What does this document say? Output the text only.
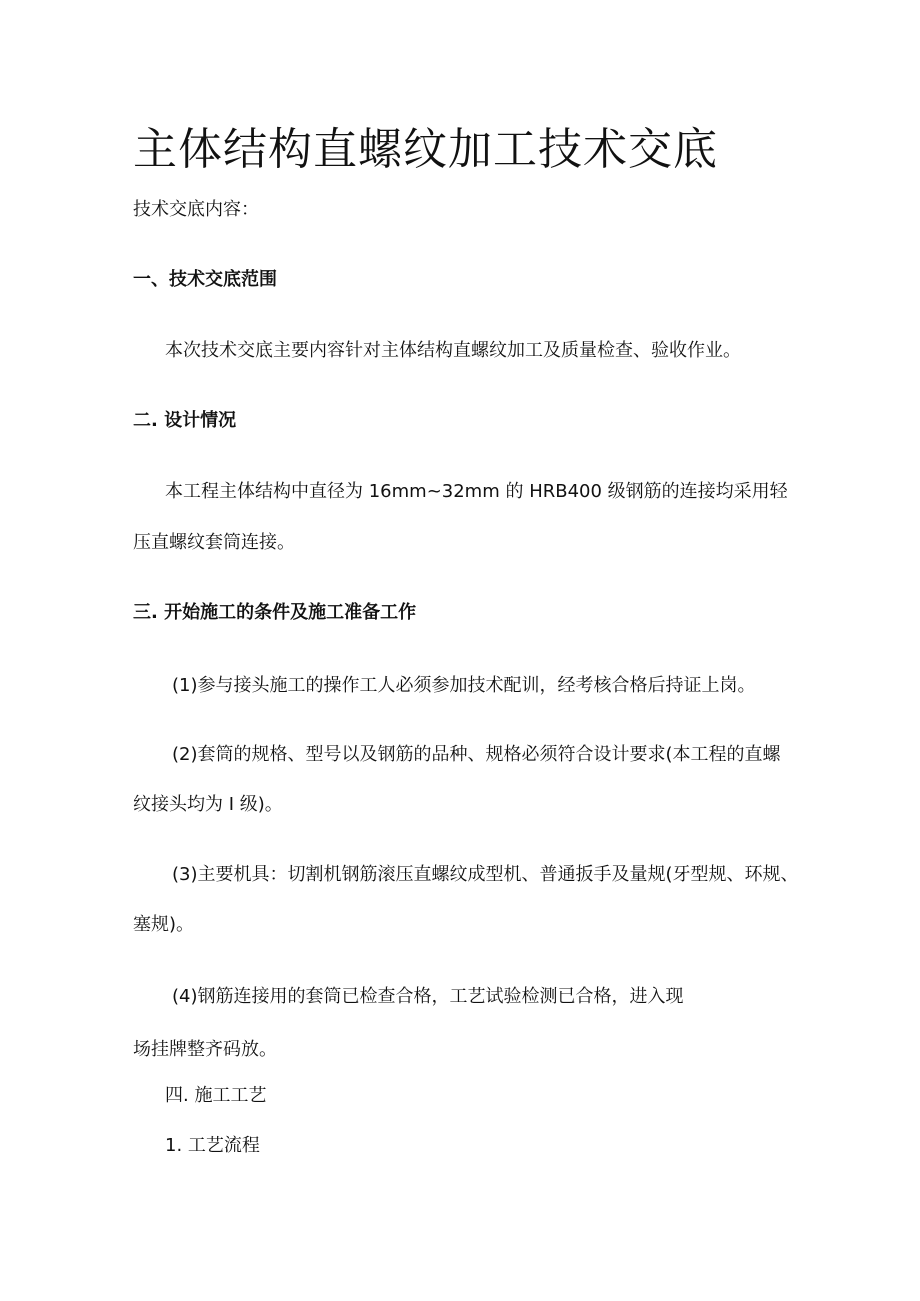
主体结构直螺纹加工技术交底
技术交底内容：
一、技术交底范围
本次技术交底主要内容针对主体结构直螺纹加工及质量检查、验收作业。
二. 设计情况
本工程主体结构中直径为 16mm~32mm 的 HRB400 级钢筋的连接均采用轻
压直螺纹套筒连接。
三. 开始施工的条件及施工准备工作
(1)参与接头施工的操作工人必须参加技术配训，经考核合格后持证上岗。
(2)套筒的规格、型号以及钢筋的品种、规格必须符合设计要求(本工程的直螺
纹接头均为 I 级)。
(3)主要机具：切割机钢筋滚压直螺纹成型机、普通扳手及量规(牙型规、环规、
塞规)。
(4)钢筋连接用的套筒已检查合格，工艺试验检测已合格，进入现
场挂牌整齐码放。
四. 施工工艺
1. 工艺流程
